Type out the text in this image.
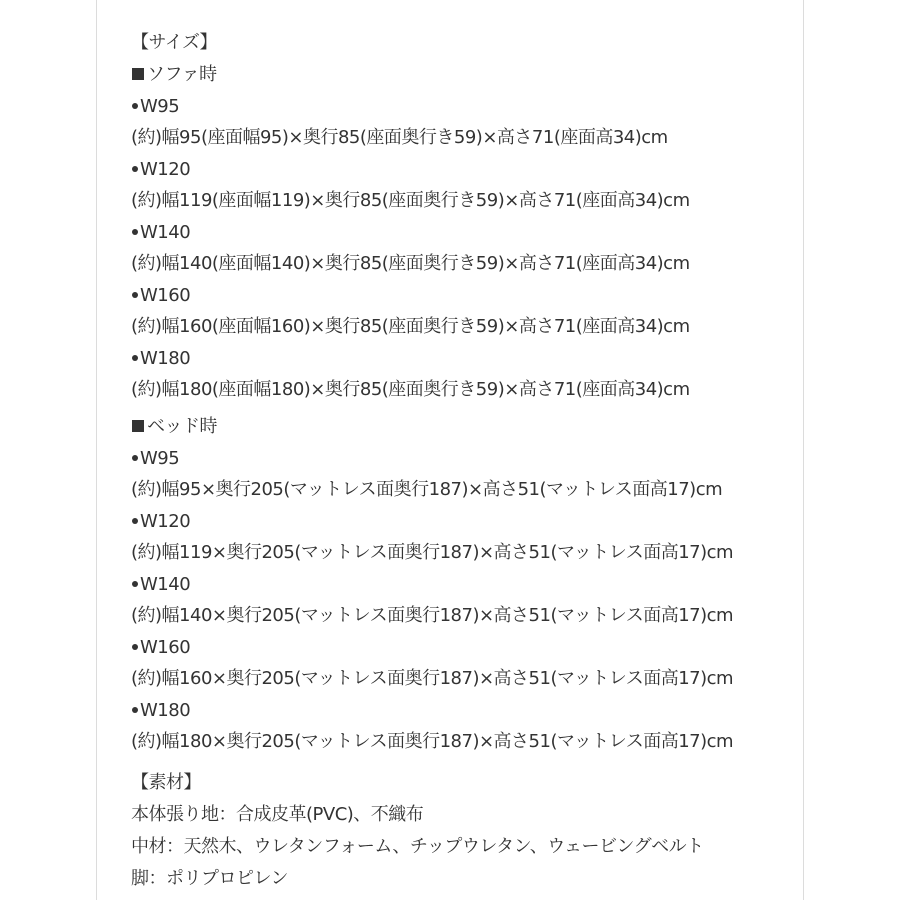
【サイズ】
ソファ時
W95
(約)幅95(座面幅95)×奥行85(座面奥行き59)×高さ71(座面高34)cm
W120
(約)幅119(座面幅119)×奥行85(座面奥行き59)×高さ71(座面高34)cm
W140
(約)幅140(座面幅140)×奥行85(座面奥行き59)×高さ71(座面高34)cm
W160
(約)幅160(座面幅160)×奥行85(座面奥行き59)×高さ71(座面高34)cm
W180
(約)幅180(座面幅180)×奥行85(座面奥行き59)×高さ71(座面高34)cm
ベッド時
W95
(約)幅95×奥行205(マットレス面奥行187)×高さ51(マットレス面高17)cm
W120
(約)幅119×奥行205(マットレス面奥行187)×高さ51(マットレス面高17)cm
W140
(約)幅140×奥行205(マットレス面奥行187)×高さ51(マットレス面高17)cm
W160
(約)幅160×奥行205(マットレス面奥行187)×高さ51(マットレス面高17)cm
W180
(約)幅180×奥行205(マットレス面奥行187)×高さ51(マットレス面高17)cm
【素材】
本体張り地：合成皮革(PVC)、不織布
中材：天然木、ウレタンフォーム、チップウレタン、ウェービングベルト
脚：ポリプロピレン
